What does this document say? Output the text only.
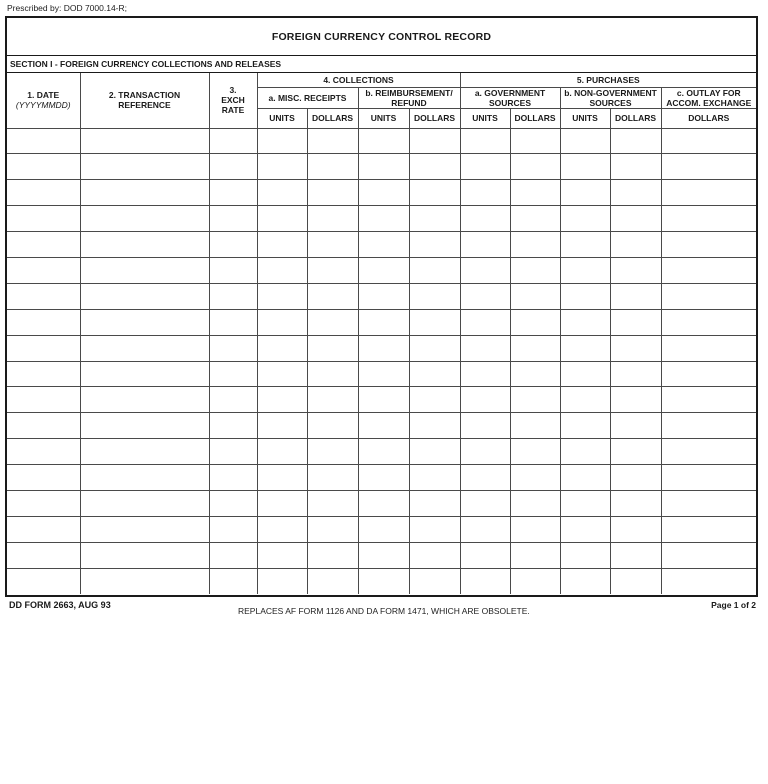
Prescribed by: DOD 7000.14-R;
FOREIGN CURRENCY CONTROL RECORD
SECTION I - FOREIGN CURRENCY COLLECTIONS AND RELEASES
1. DATE
(YYYYMMDD)	2. TRANSACTION REFERENCE	3. EXCH RATE	4. COLLECTIONS				5. PURCHASES				
			a. MISC. RECEIPTS		b. REIMBURSEMENT/ REFUND		a. GOVERNMENT SOURCES		b. NON-GOVERNMENT SOURCES		c. OUTLAY FOR ACCOM. EXCHANGE

			UNITS	DOLLARS	UNITS	DOLLARS	UNITS	DOLLARS	UNITS	DOLLARS	DOLLARS

DD FORM 2663, AUG 93
REPLACES AF FORM 1126 AND DA FORM 1471, WHICH ARE OBSOLETE.
Page 1 of 2
